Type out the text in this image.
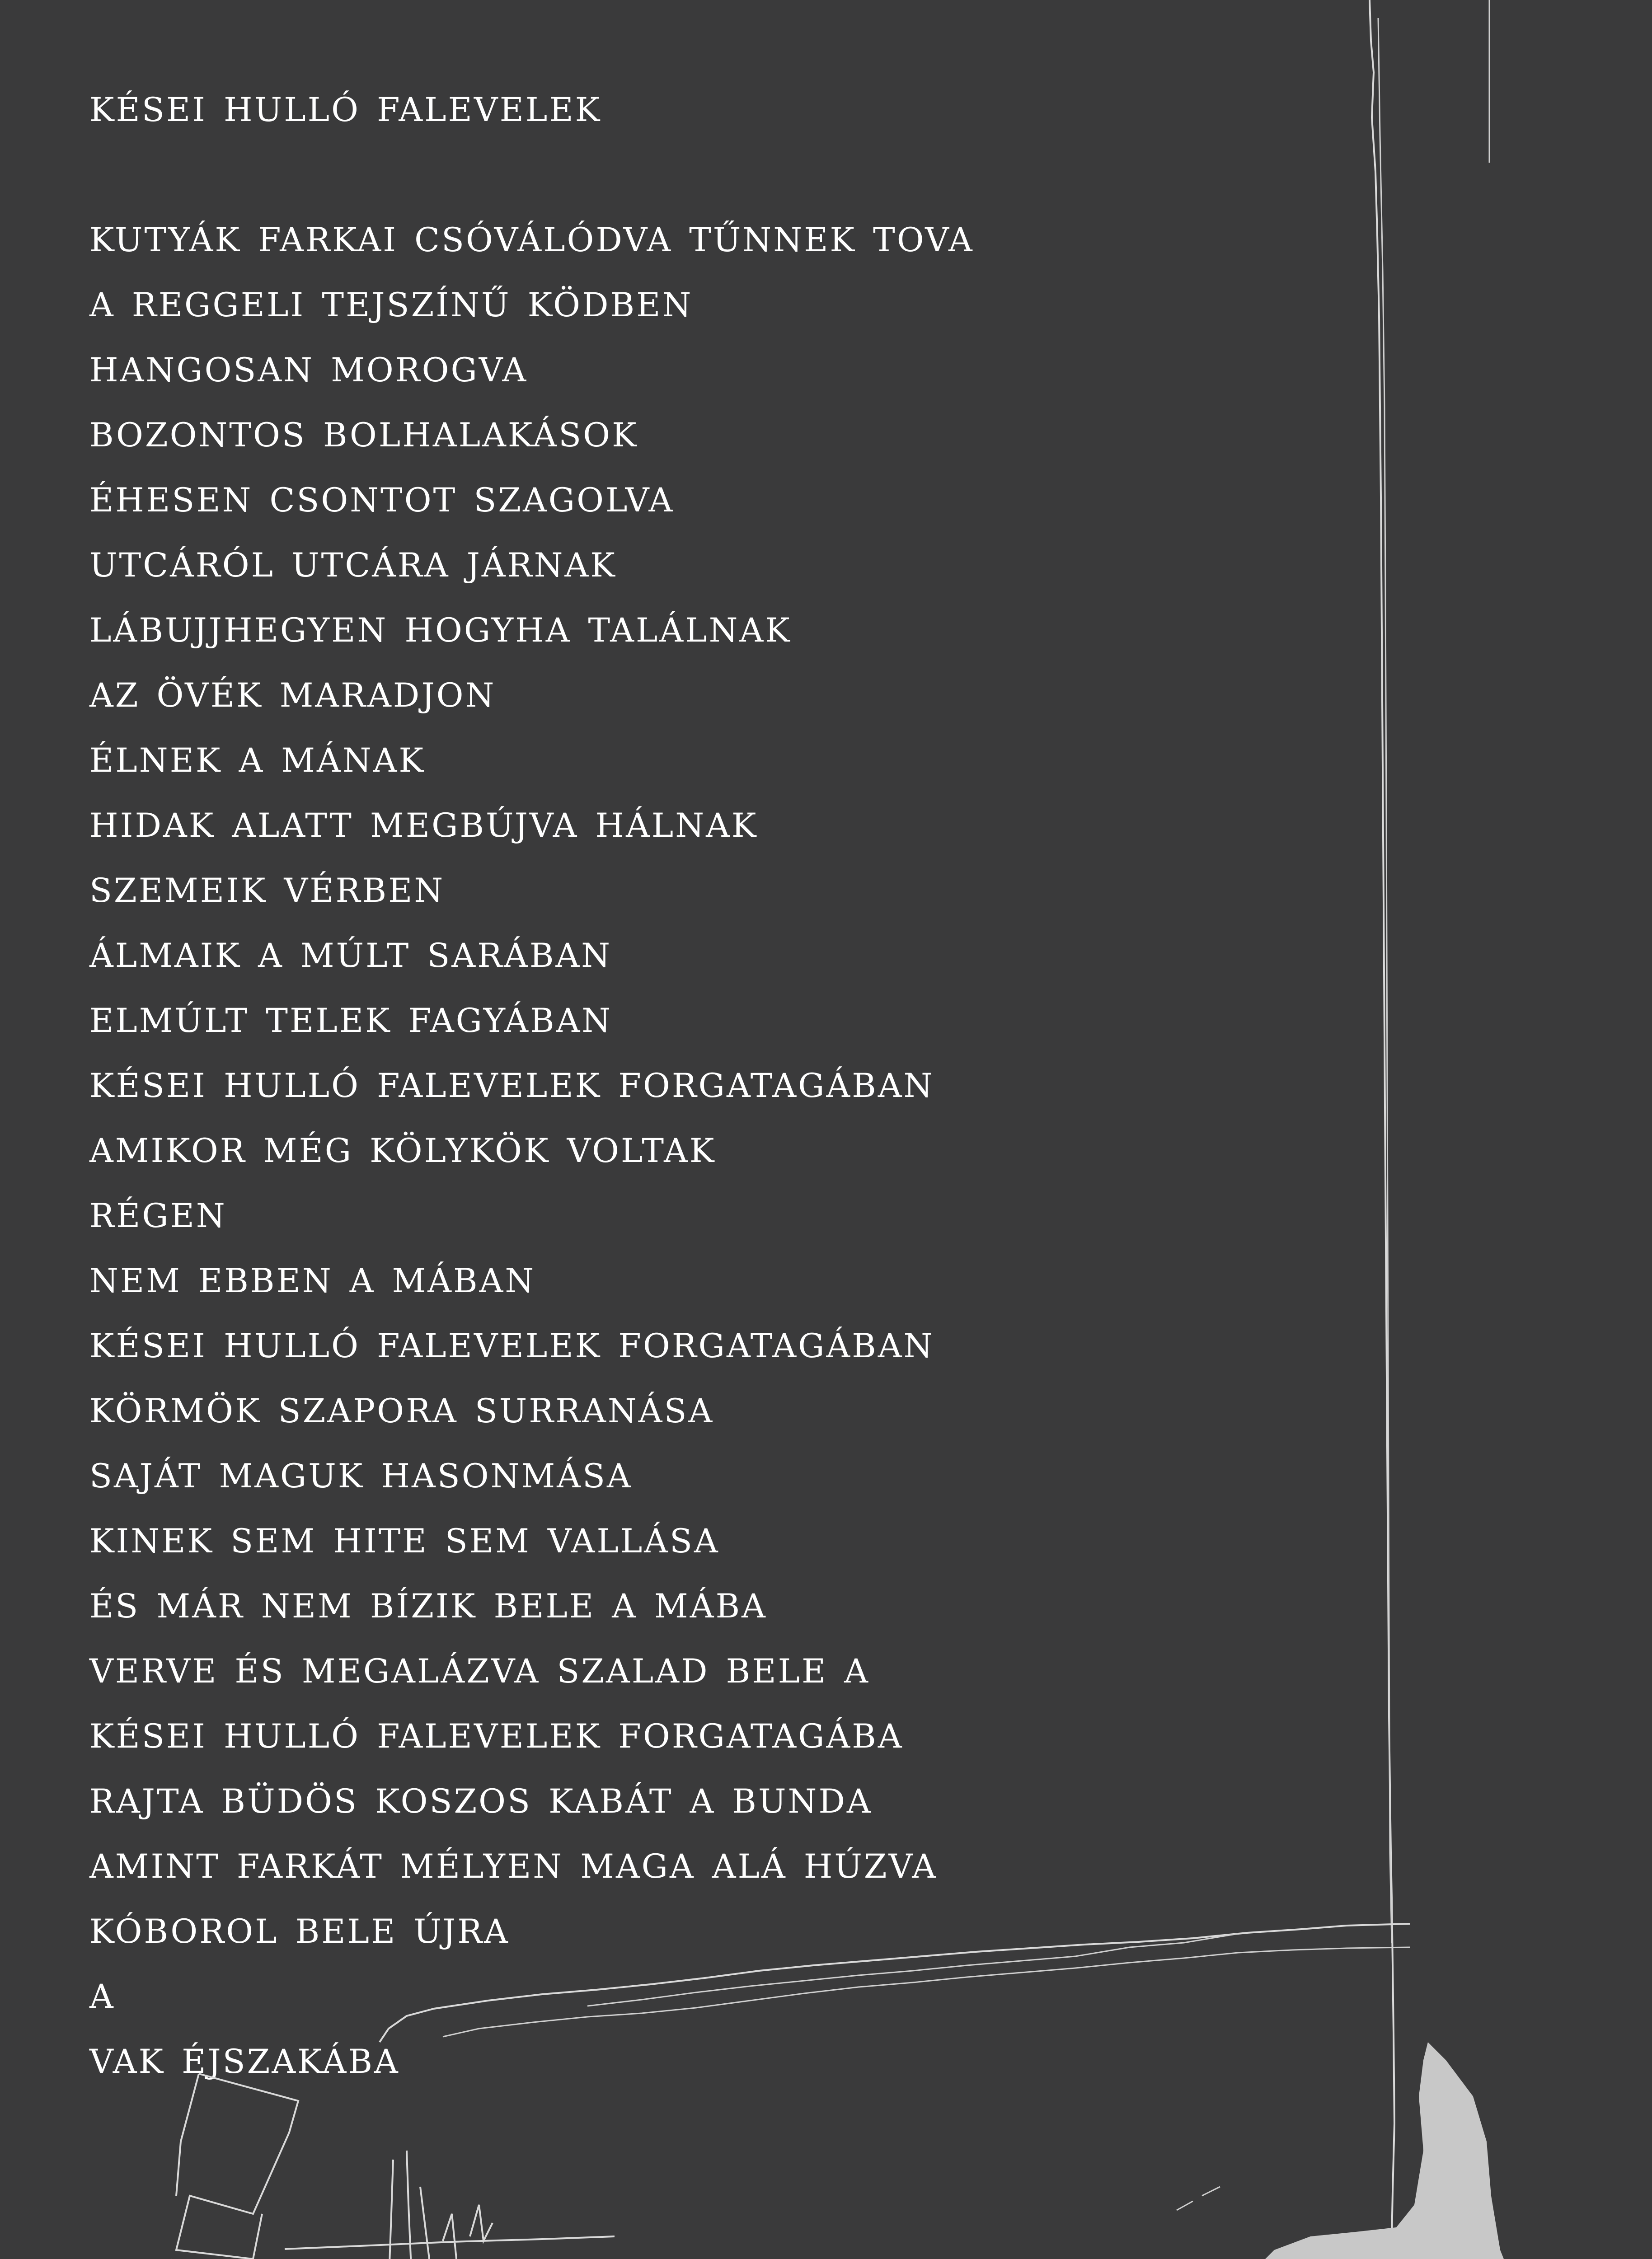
kései hulló falevelek
kutyák farkai csóválódva tűnnek tova
a reggeli tejszínű ködben
hangosan morogva
bozontos bolhalakások
éhesen csontot szagolva
utcáról utcára járnak
lábujjhegyen hogyha találnak
az övék maradjon
élnek a mának
hidak alatt megbújva hálnak
szemeik vérben
álmaik a múlt sarában
elmúlt telek fagyában
kései hulló falevelek forgatagában
amikor még kölykök voltak
régen
nem ebben a mában
kései hulló falevelek forgatagában
körmök szapora surranása
saját maguk hasonmása
kinek sem hite sem vallása
és már nem bízik bele a mába
verve és megalázva szalad bele a
kései hulló falevelek forgatagába
rajta büdös koszos kabát a bunda
amint farkát mélyen maga alá húzva
kóborol bele újra
a
vak éjszakába
